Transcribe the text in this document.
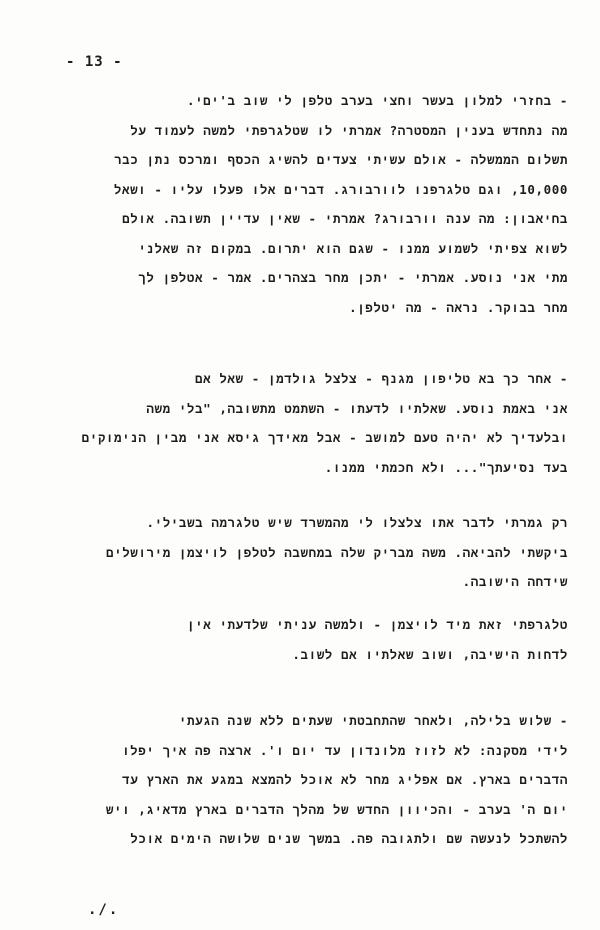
- 13 -
- בחזרי למלון בעשר וחצי בערב טלפן לי שוב ב'יםי.
מה נתחדש בענין המסטרה? אמרתי לו שטלגרפתי למשה לעמוד על
תשלום הממשלה - אולם עשיתי צעדים להשיג הכסף ומרכס נתן כבר
10,000, וגם טלגרפנו לוורבורג. דברים אלו פעלו עליו - ושאל
בחיאבון: מה ענה וורבורג? אמרתי - שאין עדיין תשובה. אולם
לשוא צפיתי לשמוע ממנו - שגם הוא יתרום. במקום זה שאלני
מתי אני נוסע. אמרתי - יתכן מחר בצהרים. אמר - אטלפן לך
מחר בבוקר. נראה - מה יטלפן.
- אחר כך בא טליפון מגנף - צלצל גולדמן - שאל אם
אני באמת נוסע. שאלתיו לדעתו - השתמט מתשובה, "בלי משה
ובלעדיך לא יהיה טעם למושב - אבל מאידך גיסא אני מבין הנימוקים
בעד נסיעתך"... ולא חכמתי ממנו.
רק גמרתי לדבר אתו צלצלו לי מהמשרד שיש טלגרמה בשבילי.
ביקשתי להביאה. משה מבריק שלה במחשבה לטלפן לויצמן מירושלים
שידחה הישובה.
טלגרפתי זאת מיד לויצמן - ולמשה עניתי שלדעתי אין
לדחות הישיבה, ושוב שאלתיו אם לשוב.
- שלוש בלילה, ולאחר שהתחבטתי שעתים ללא שנה הגעתי
לידי מסקנה: לא לזוז מלונדון עד יום ו'. ארצה פה איך יפלו
הדברים בארץ. אם אפליג מחר לא אוכל להמצא במגע את הארץ עד
יום ה' בערב - והכיוון החדש של מהלך הדברים בארץ מדאיג, ויש
להשתכל לנעשה שם ולתגובה פה. במשך שנים שלושה הימים אוכל
./.
